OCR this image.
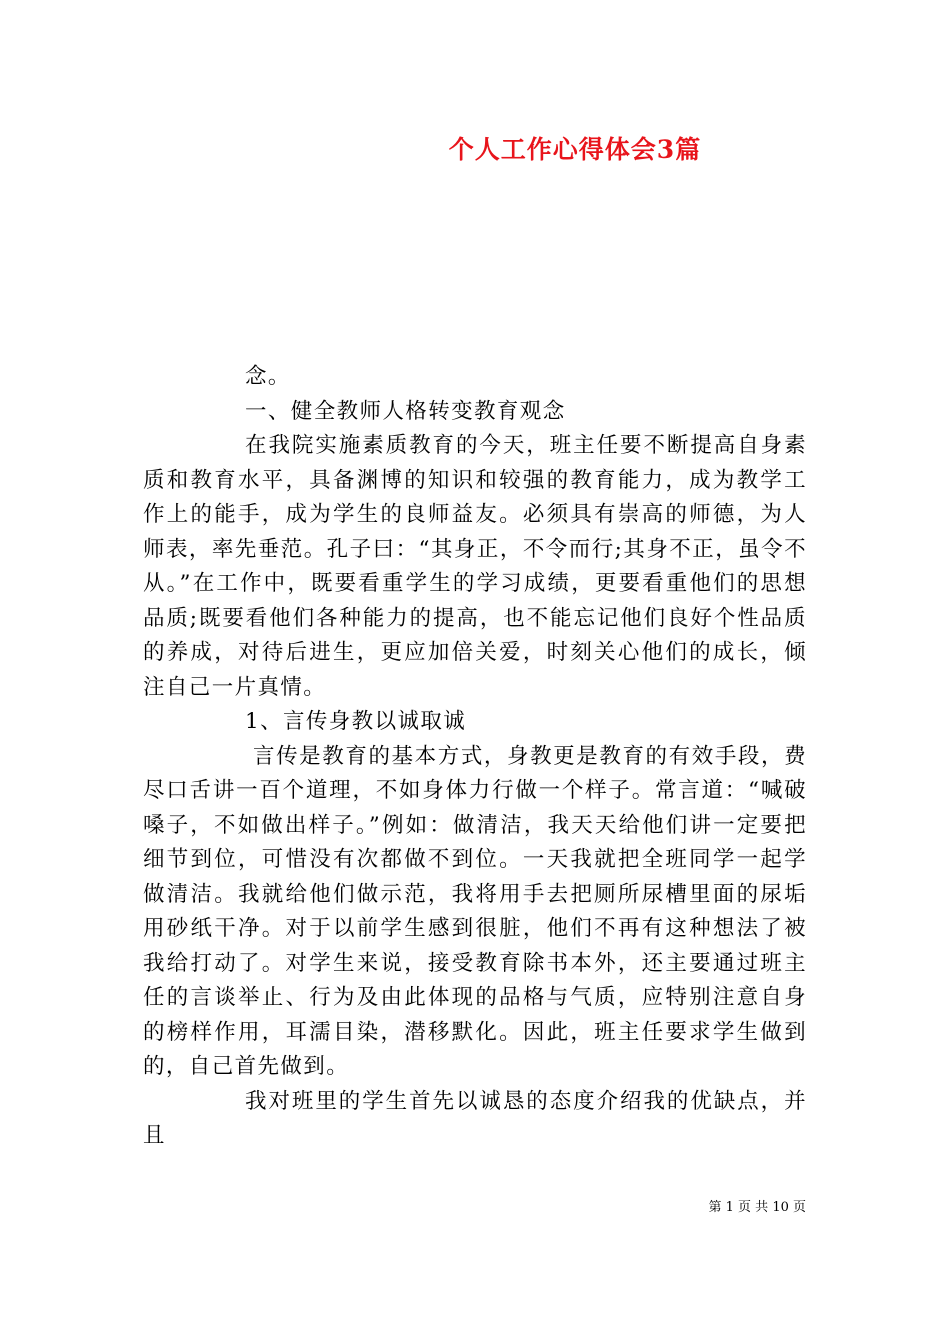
个人工作心得体会3篇

念。

一、健全教师人格转变教育观念

在我院实施素质教育的今天，班主任要不断提高自身素质和教育水平，具备渊博的知识和较强的教育能力，成为教学工作上的能手，成为学生的良师益友。必须具有崇高的师德，为人师表，率先垂范。孔子曰：“其身正，不令而行;其身不正，虽令不从。”在工作中，既要看重学生的学习成绩，更要看重他们的思想品质;既要看他们各种能力的提高，也不能忘记他们良好个性品质的养成，对待后进生，更应加倍关爱，时刻关心他们的成长，倾注自己一片真情。

1、言传身教以诚取诚

言传是教育的基本方式，身教更是教育的有效手段，费尽口舌讲一百个道理，不如身体力行做一个样子。常言道：“喊破嗓子，不如做出样子。”例如：做清洁，我天天给他们讲一定要把细节到位，可惜没有次都做不到位。一天我就把全班同学一起学做清洁。我就给他们做示范，我将用手去把厕所尿槽里面的尿垢用砂纸干净。对于以前学生感到很脏，他们不再有这种想法了被我给打动了。对学生来说，接受教育除书本外，还主要通过班主任的言谈举止、行为及由此体现的品格与气质，应特别注意自身的榜样作用，耳濡目染，潜移默化。因此，班主任要求学生做到的，自己首先做到。

我对班里的学生首先以诚恳的态度介绍我的优缺点，并且

第 1 页 共 10 页
